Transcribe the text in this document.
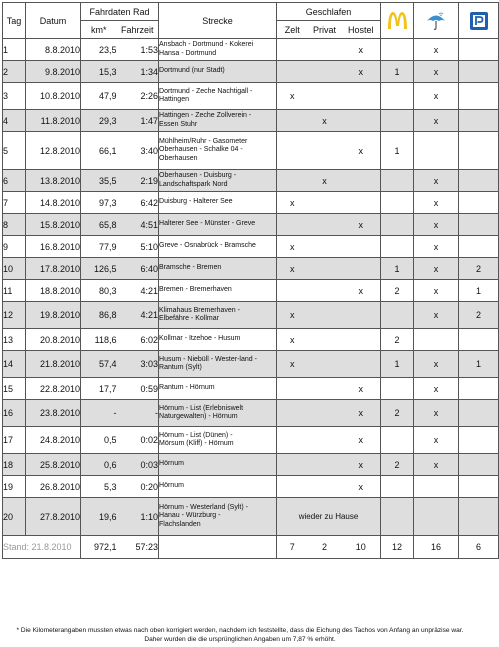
Tag	Datum	Fahrdaten Rad		Strecke	Geschlafen			
		km*	Fahrzeit		Zelt	Privat	Hostel			
1	8.8.2010	23,5	1:53	Ansbach - Dortmund - Kokerei
Hansa - Dortmund			x		x	
2	9.8.2010	15,3	1:34	Dortmund (nur Stadt)			x	1	x	
3	10.8.2010	47,9	2:26	Dortmund - Zeche Nachtigall -
Hattingen	x				x	
4	11.8.2010	29,3	1:47	Hattingen - Zeche Zollverein -
Essen Stuhr		x			x	
5	12.8.2010	66,1	3:40	Mühlheim/Ruhr - Gasometer
Oberhausen - Schalke 04 -
Oberhausen			x	1		
6	13.8.2010	35,5	2:19	Oberhausen - Duisburg -
Landschaftspark Nord		x			x	
7	14.8.2010	97,3	6:42	Duisburg - Halterer See	x				x	
8	15.8.2010	65,8	4:51	Halterer See - Münster - Greve			x		x	
9	16.8.2010	77,9	5:10	Greve - Osnabrück - Bramsche	x				x	
10	17.8.2010	126,5	6:40	Bramsche - Bremen	x			1	x	2
11	18.8.2010	80,3	4:21	Bremen - Bremerhaven			x	2	x	1
12	19.8.2010	86,8	4:21	Klimahaus Bremerhaven -
Elbefähre - Kollmar	x				x	2
13	20.8.2010	118,6	6:02	Kollmar - Itzehoe - Husum	x			2		
14	21.8.2010	57,4	3:03	Husum - Niebüll - Wester-land -
Rantum (Sylt)	x			1	x	1
15	22.8.2010	17,7	0:59	Rantum - Hörnum			x		x	
16	23.8.2010	-	-	Hörnum - List (Erlebniswelt
Naturgewalten) - Hörnum			x	2	x	
17	24.8.2010	0,5	0:02	Hörnum - List (Dünen) -
Mörsum (Kliff) - Hörnum			x		x	
18	25.8.2010	0,6	0:03	Hörnum			x	2	x	
19	26.8.2010	5,3	0:20	Hörnum			x			
20	27.8.2010	19,6	1:10	Hörnum - Westerland (Sylt) -
Hanau - Würzburg -
Flachslanden	wieder zu Hause					
Stand: 21.8.2010		972,1	57:23		7	2	10	12	16	6
* Die Kilometerangaben mussten etwas nach oben korrigiert werden, nachdem ich feststellte, dass die Eichung des Tachos von Anfang an unpräzise war. Daher wurden die die ursprünglichen Angaben um 7,87 % erhöht.
